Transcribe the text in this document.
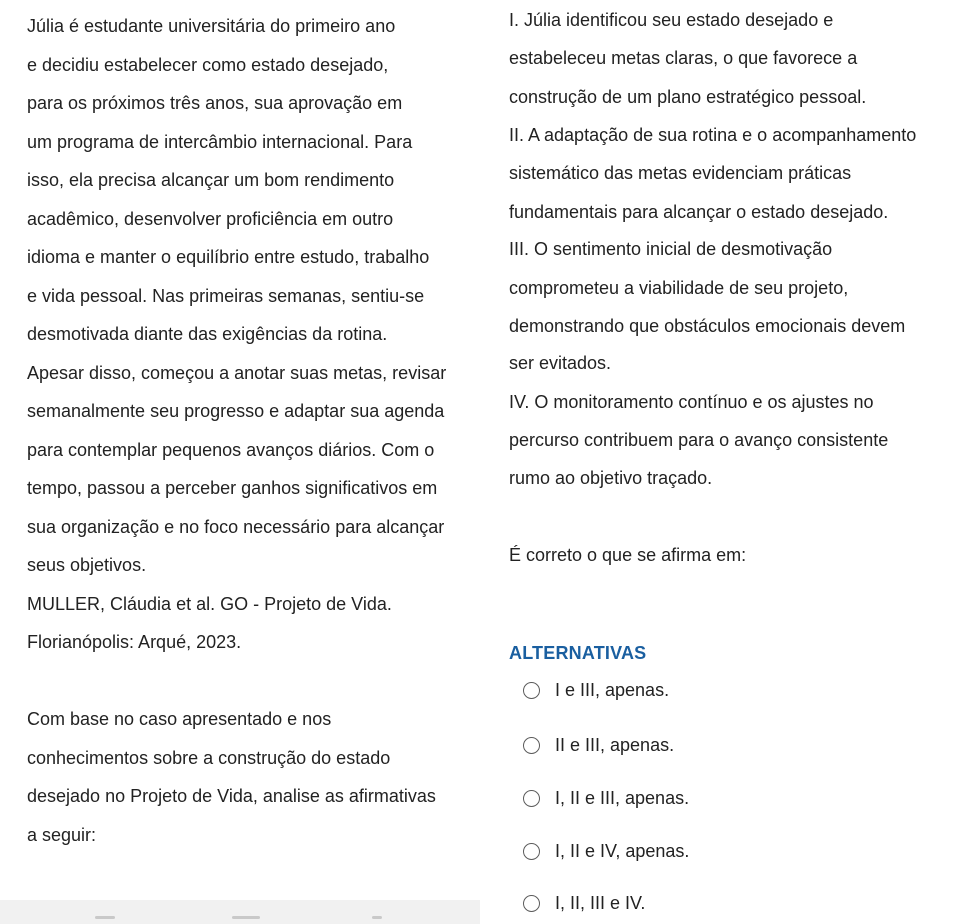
Júlia é estudante universitária do primeiro ano
e decidiu estabelecer como estado desejado,
para os próximos três anos, sua aprovação em
um programa de intercâmbio internacional. Para
isso, ela precisa alcançar um bom rendimento
acadêmico, desenvolver proficiência em outro
idioma e manter o equilíbrio entre estudo, trabalho
e vida pessoal. Nas primeiras semanas, sentiu-se
desmotivada diante das exigências da rotina.
Apesar disso, começou a anotar suas metas, revisar
semanalmente seu progresso e adaptar sua agenda
para contemplar pequenos avanços diários. Com o
tempo, passou a perceber ganhos significativos em
sua organização e no foco necessário para alcançar
seus objetivos.
MULLER, Cláudia et al. GO - Projeto de Vida.
Florianópolis: Arqué, 2023.
Com base no caso apresentado e nos
conhecimentos sobre a construção do estado
desejado no Projeto de Vida, analise as afirmativas
a seguir:
I. Júlia identificou seu estado desejado e
estabeleceu metas claras, o que favorece a
construção de um plano estratégico pessoal.
II. A adaptação de sua rotina e o acompanhamento
sistemático das metas evidenciam práticas
fundamentais para alcançar o estado desejado.
III. O sentimento inicial de desmotivação
comprometeu a viabilidade de seu projeto,
demonstrando que obstáculos emocionais devem
ser evitados.
IV. O monitoramento contínuo e os ajustes no
percurso contribuem para o avanço consistente
rumo ao objetivo traçado.
É correto o que se afirma em:
ALTERNATIVAS
I e III, apenas.
II e III, apenas.
I, II e III, apenas.
I, II e IV, apenas.
I, II, III e IV.
